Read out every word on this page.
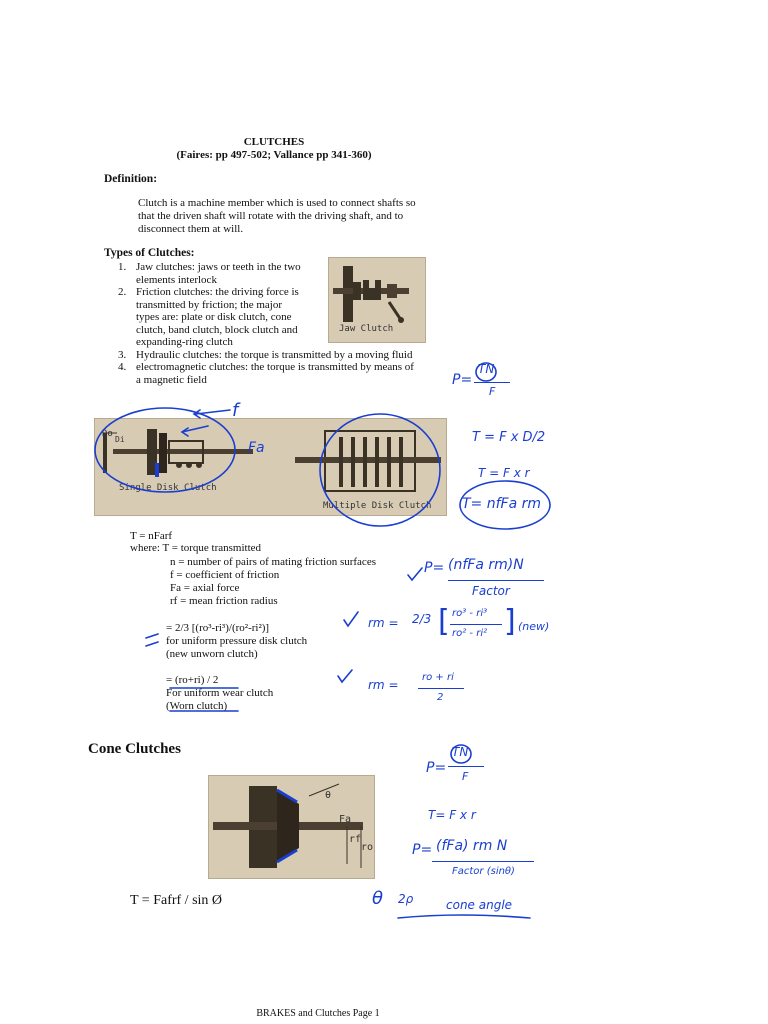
CLUTCHES
(Faires: pp 497-502; Vallance pp 341-360)
Definition:
Clutch is a machine member which is used to connect shafts so
that the driven shaft will rotate with the driving shaft, and to
disconnect them at will.
Types of Clutches:
1. Jaw clutches: jaws or teeth in the two
elements interlock
2. Friction clutches: the driving force is
transmitted by friction; the major
types are: plate or disk clutch, cone
clutch, band clutch, block clutch and
expanding-ring clutch
3. Hydraulic clutches: the torque is transmitted by a moving fluid
4. electromagnetic clutches: the torque is transmitted by means of
a magnetic field
Jaw Clutch
Do
Di
Single Disk Clutch
Multiple Disk Clutch
T = nFarf
where: T = torque transmitted
n = number of pairs of mating friction surfaces
f = coefficient of friction
Fa = axial force
rf = mean friction radius
= 2/3 [(ro³-ri³)/(ro²-ri²)]
for uniform pressure disk clutch
(new unworn clutch)
= (ro+ri) / 2
For uniform wear clutch
(Worn clutch)
Cone Clutches
θ
Fa
rf
ro
T = Fafrf / sin Ø
P=
TN
F
f
Fa
T = F x D/2
T = F x r
T= nfFa rm
P= (nfFa rm)N
Factor
rm = 2/3 [ ro³ - ri³
ro² - ri² ] (new)
rm =
ro + ri
2
P=
TN
F
T= F x r
P= (fFa) rm N
Factor (sinθ)
θ 2ρ	cone angle
BRAKES and Clutches Page 1
